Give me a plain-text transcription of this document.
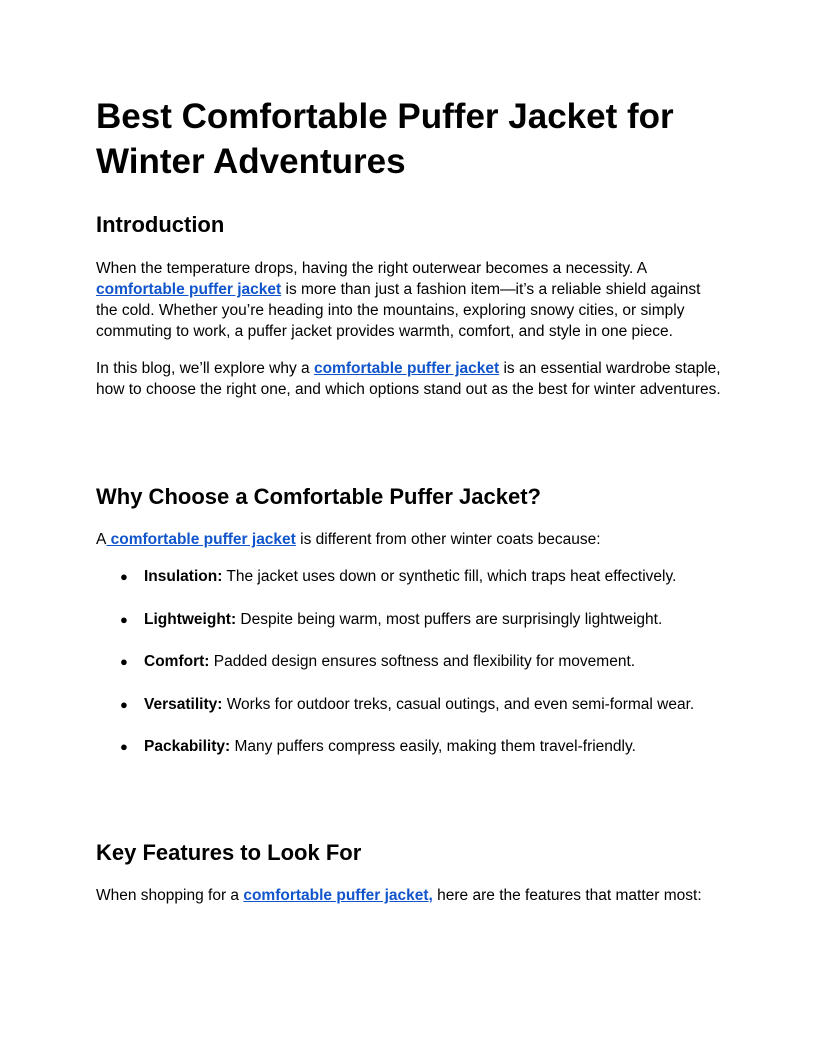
Best Comfortable Puffer Jacket for Winter Adventures
Introduction

When the temperature drops, having the right outerwear becomes a necessity. A comfortable puffer jacket is more than just a fashion item—it’s a reliable shield against the cold. Whether you’re heading into the mountains, exploring snowy cities, or simply commuting to work, a puffer jacket provides warmth, comfort, and style in one piece.

In this blog, we’ll explore why a comfortable puffer jacket is an essential wardrobe staple, how to choose the right one, and which options stand out as the best for winter adventures.

Why Choose a Comfortable Puffer Jacket?

A comfortable puffer jacket is different from other winter coats because:

● Insulation: The jacket uses down or synthetic fill, which traps heat effectively.
● Lightweight: Despite being warm, most puffers are surprisingly lightweight.
● Comfort: Padded design ensures softness and flexibility for movement.
● Versatility: Works for outdoor treks, casual outings, and even semi-formal wear.
● Packability: Many puffers compress easily, making them travel-friendly.
Key Features to Look For

When shopping for a comfortable puffer jacket, here are the features that matter most:
